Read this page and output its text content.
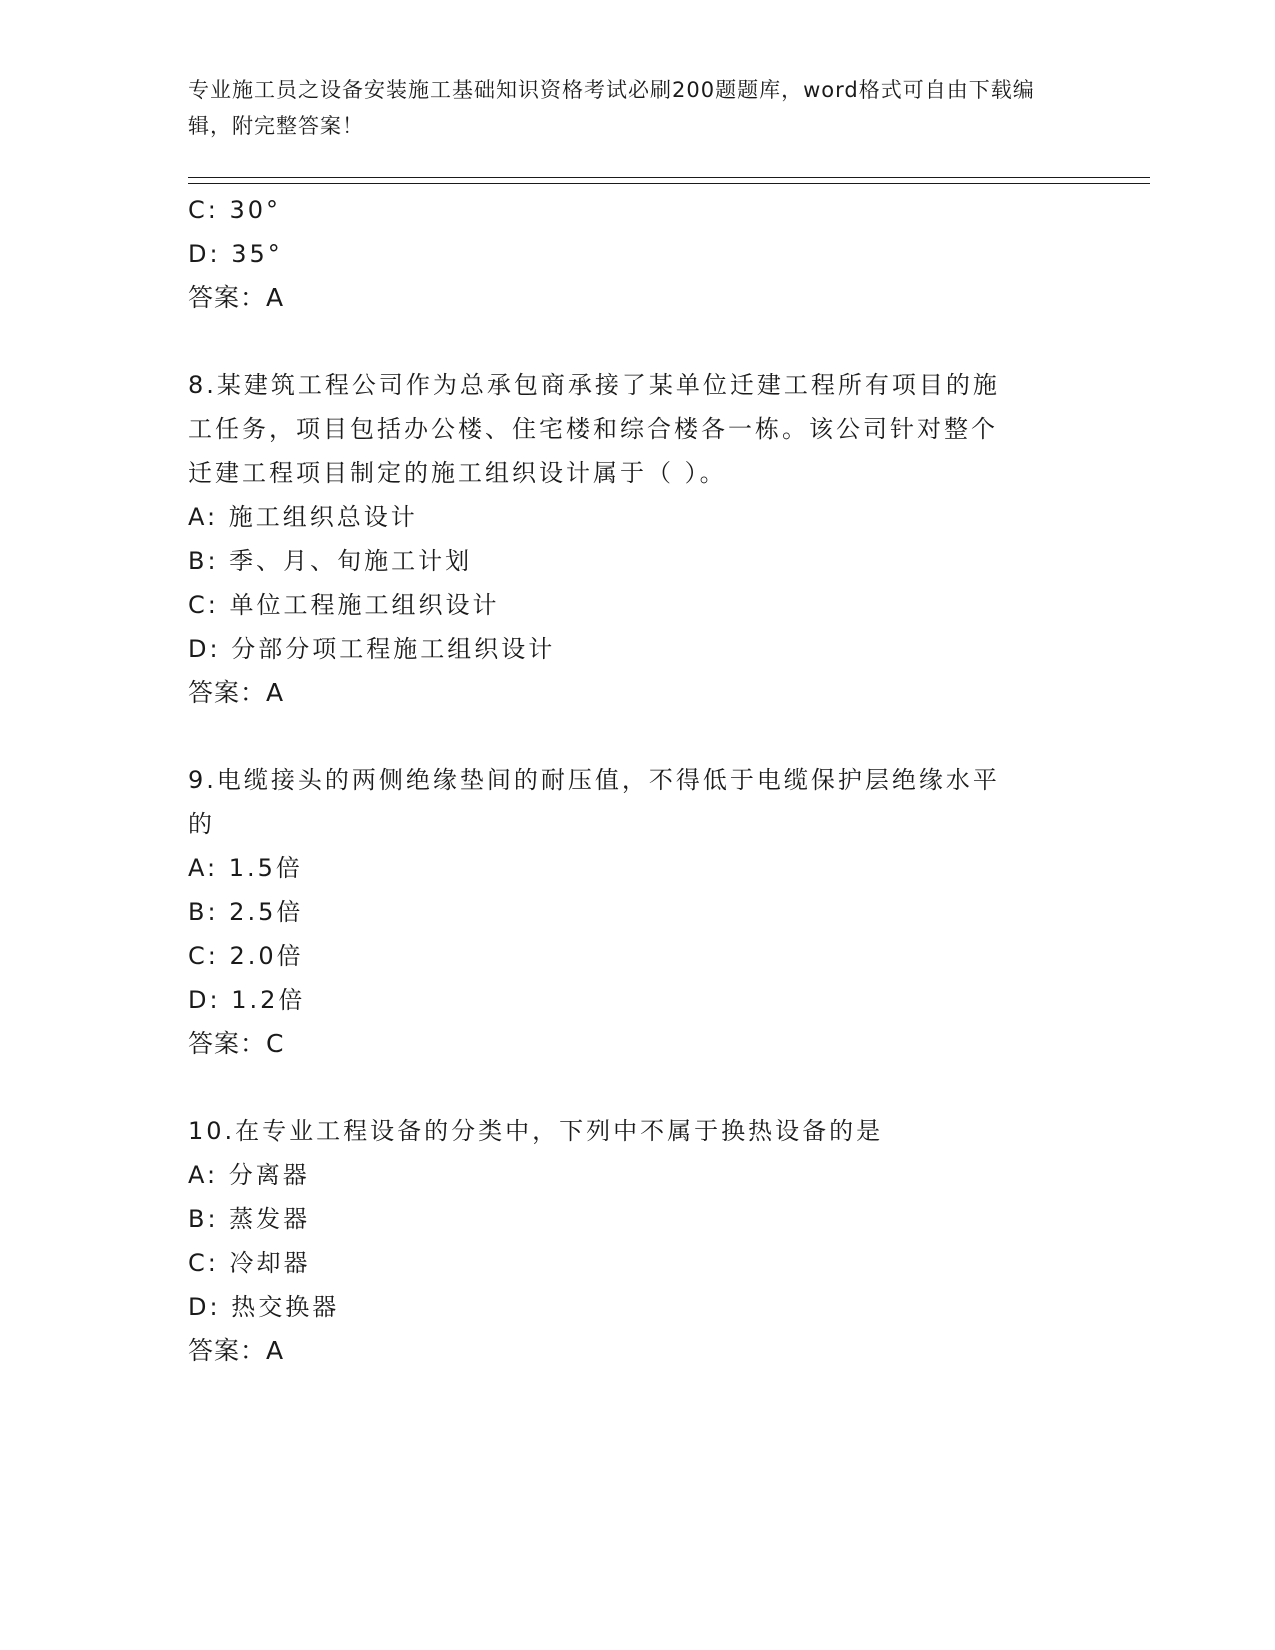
专业施工员之设备安装施工基础知识资格考试必刷200题题库，word格式可自由下载编辑，附完整答案！
C: 30°
D: 35°
答案：A
8.某建筑工程公司作为总承包商承接了某单位迁建工程所有项目的施
工任务，项目包括办公楼、住宅楼和综合楼各一栋。该公司针对整个
迁建工程项目制定的施工组织设计属于（ ）。
A: 施工组织总设计
B: 季、月、旬施工计划
C: 单位工程施工组织设计
D: 分部分项工程施工组织设计
答案：A
9.电缆接头的两侧绝缘垫间的耐压值，不得低于电缆保护层绝缘水平
的
A: 1.5倍
B: 2.5倍
C: 2.0倍
D: 1.2倍
答案：C
10.在专业工程设备的分类中，下列中不属于换热设备的是
A: 分离器
B: 蒸发器
C: 冷却器
D: 热交换器
答案：A
